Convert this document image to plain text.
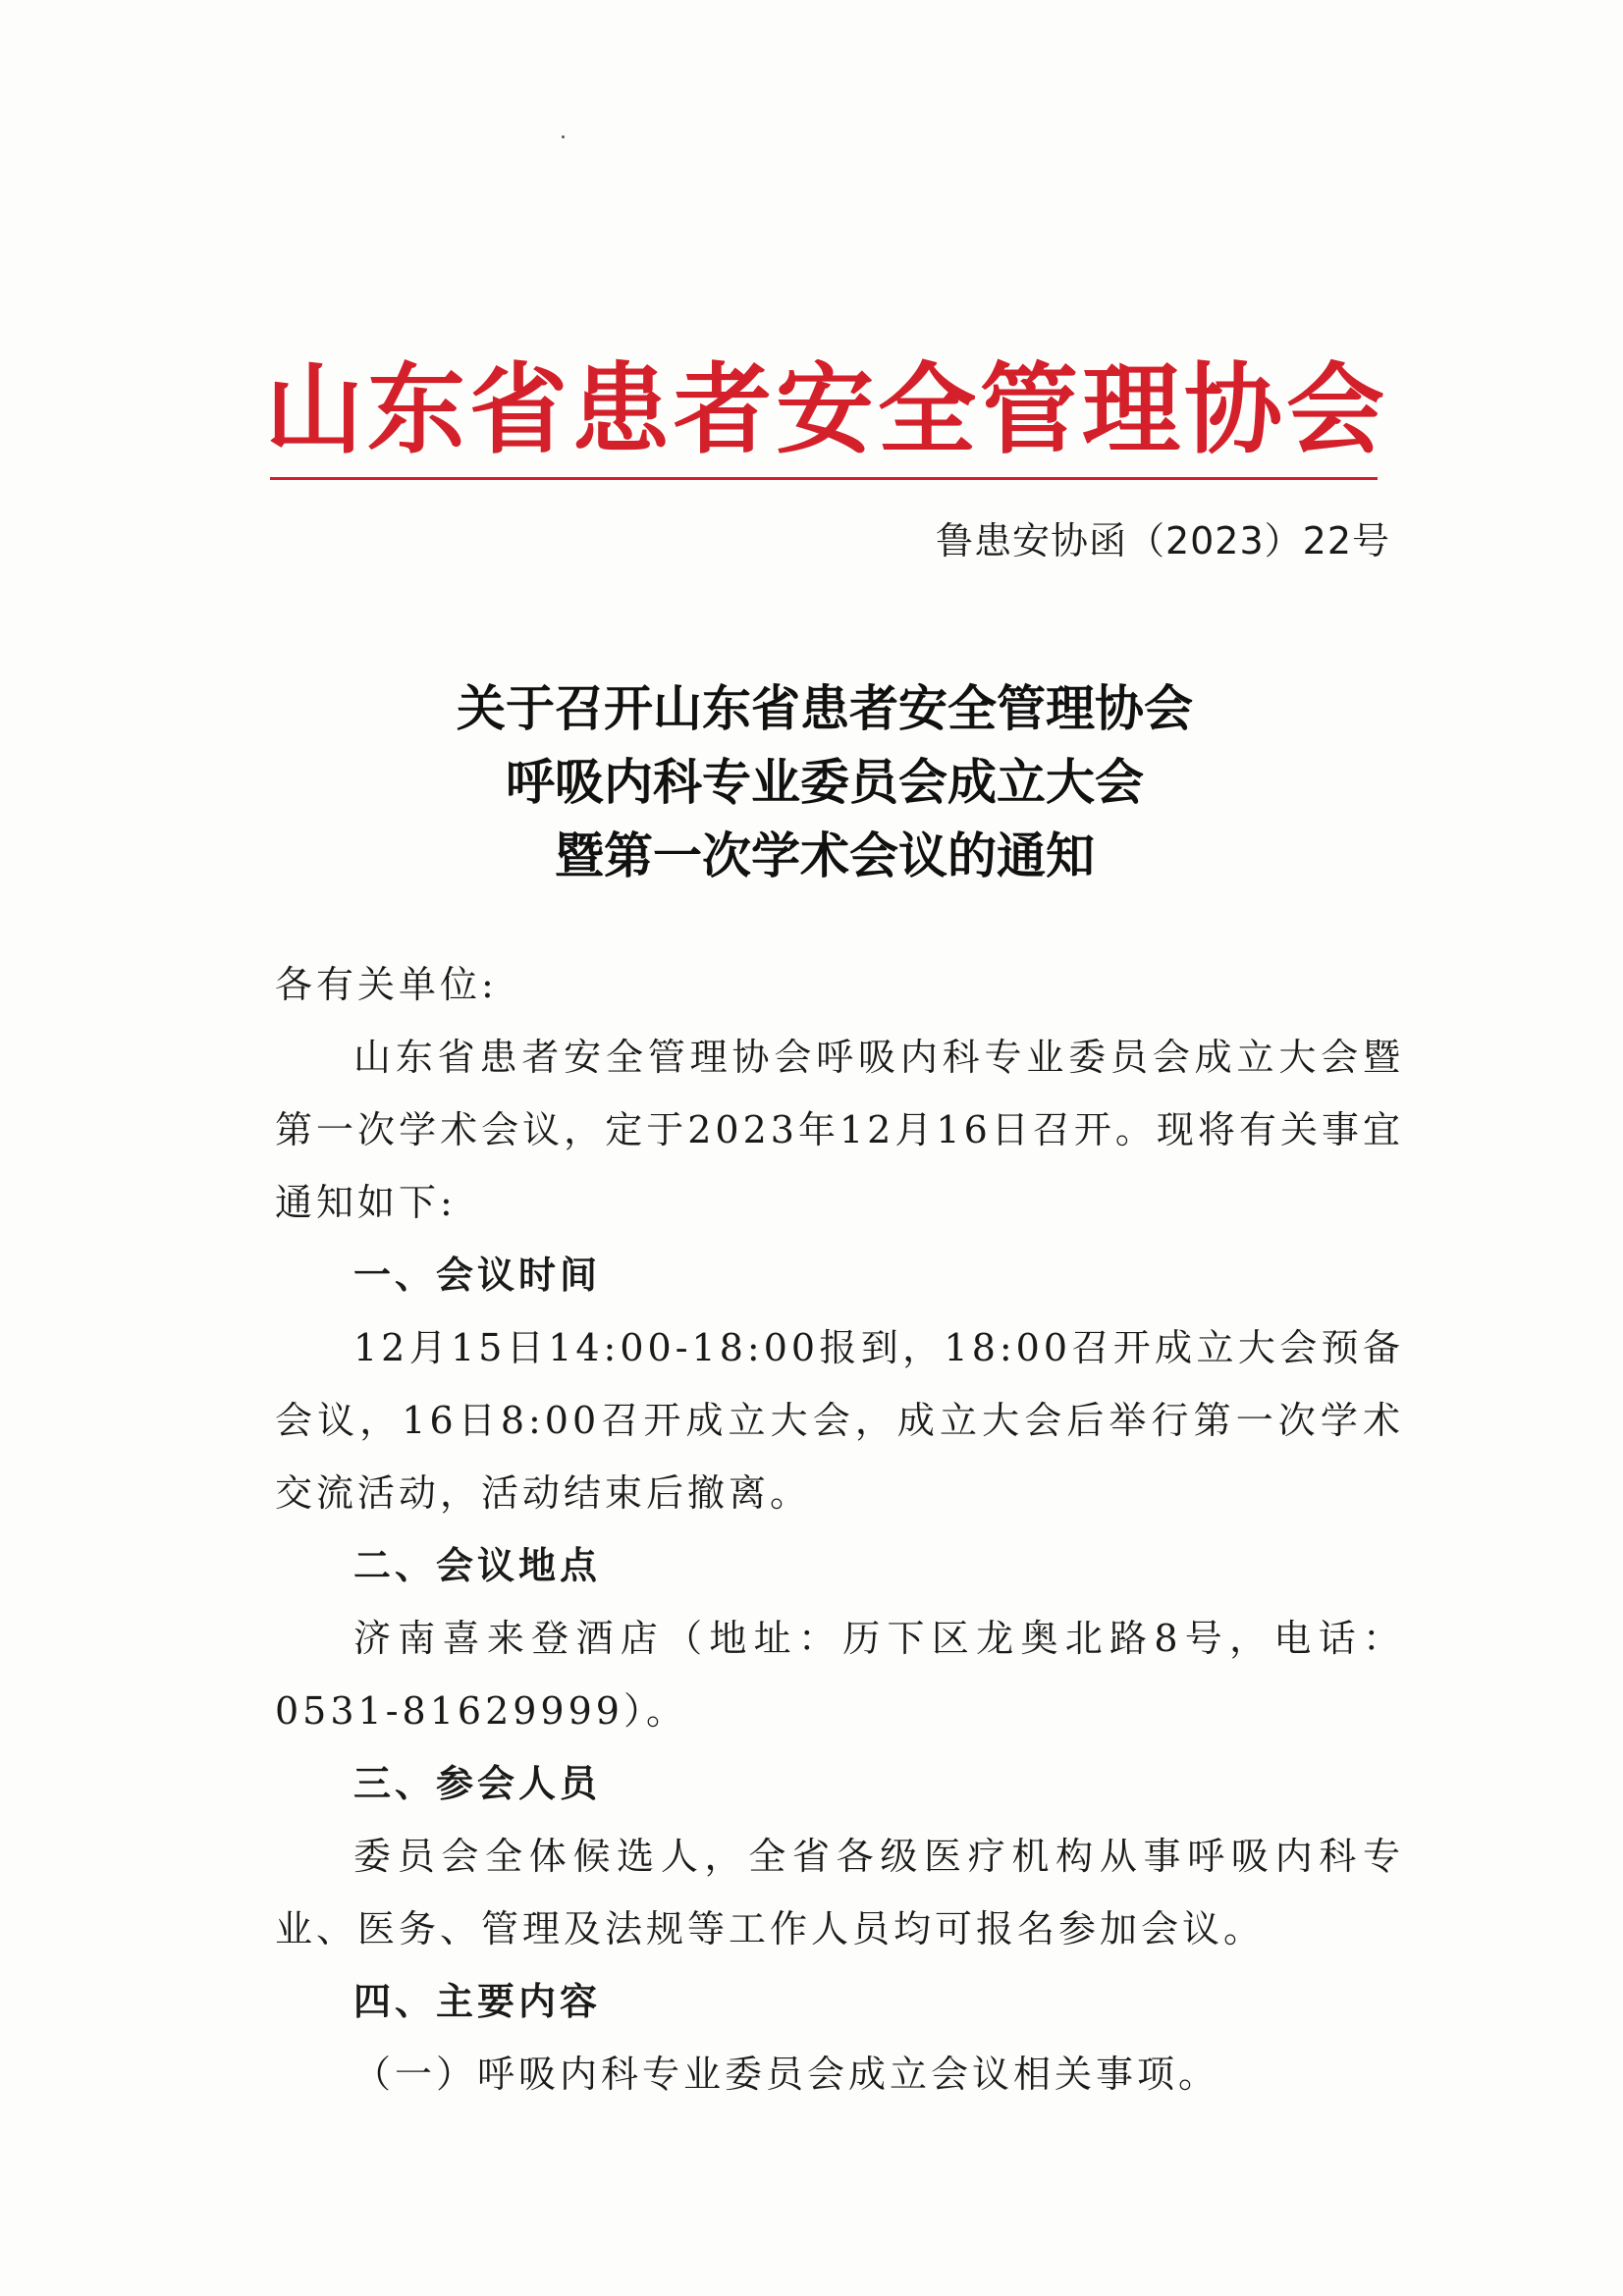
山 东 省 患 者 安 全 管 理 协 会
鲁患安协函（2023）22号
关于召开山东省患者安全管理协会
呼吸内科专业委员会成立大会
暨第一次学术会议的通知

各有关单位:

山东省患者安全管理协会呼吸内科专业委员会成立大会暨第一次学术会议，定于2023年12月16日召开。现将有关事宜通知如下:

一、会议时间

12月15日14:00-18:00报到，18:00召开成立大会预备会议，16日8:00召开成立大会，成立大会后举行第一次学术交流活动，活动结束后撤离。

二、会议地点

济南喜来登酒店（地址：历下区龙奥北路8号，电话：0531-81629999）。

三、参会人员

委员会全体候选人，全省各级医疗机构从事呼吸内科专业、医务、管理及法规等工作人员均可报名参加会议。

四、主要内容

（一）呼吸内科专业委员会成立会议相关事项。
